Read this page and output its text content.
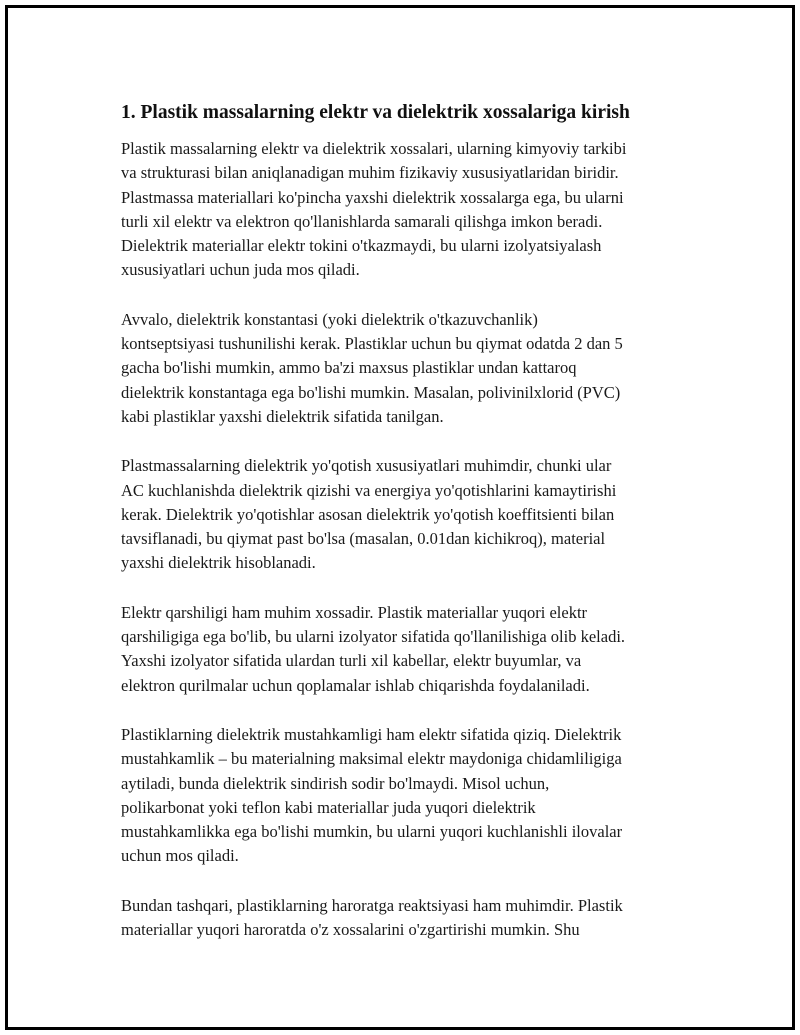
1. Plastik massalarning elektr va dielektrik xossalariga kirish

Plastik massalarning elektr va dielektrik xossalari, ularning kimyoviy tarkibi
va strukturasi bilan aniqlanadigan muhim fizikaviy xususiyatlaridan biridir.
Plastmassa materiallari ko'pincha yaxshi dielektrik xossalarga ega, bu ularni
turli xil elektr va elektron qo'llanishlarda samarali qilishga imkon beradi.
Dielektrik materiallar elektr tokini o'tkazmaydi, bu ularni izolyatsiyalash
xususiyatlari uchun juda mos qiladi.

Avvalo, dielektrik konstantasi (yoki dielektrik o'tkazuvchanlik)
kontseptsiyasi tushunilishi kerak. Plastiklar uchun bu qiymat odatda 2 dan 5
gacha bo'lishi mumkin, ammo ba'zi maxsus plastiklar undan kattaroq
dielektrik konstantaga ega bo'lishi mumkin. Masalan, polivinilxlorid (PVC)
kabi plastiklar yaxshi dielektrik sifatida tanilgan.

Plastmassalarning dielektrik yo'qotish xususiyatlari muhimdir, chunki ular
AC kuchlanishda dielektrik qizishi va energiya yo'qotishlarini kamaytirishi
kerak. Dielektrik yo'qotishlar asosan dielektrik yo'qotish koeffitsienti bilan
tavsiflanadi, bu qiymat past bo'lsa (masalan, 0.01dan kichikroq), material
yaxshi dielektrik hisoblanadi.

Elektr qarshiligi ham muhim xossadir. Plastik materiallar yuqori elektr
qarshiligiga ega bo'lib, bu ularni izolyator sifatida qo'llanilishiga olib keladi.
Yaxshi izolyator sifatida ulardan turli xil kabellar, elektr buyumlar, va
elektron qurilmalar uchun qoplamalar ishlab chiqarishda foydalaniladi.

Plastiklarning dielektrik mustahkamligi ham elektr sifatida qiziq. Dielektrik
mustahkamlik – bu materialning maksimal elektr maydoniga chidamliligiga
aytiladi, bunda dielektrik sindirish sodir bo'lmaydi. Misol uchun,
polikarbonat yoki teflon kabi materiallar juda yuqori dielektrik
mustahkamlikka ega bo'lishi mumkin, bu ularni yuqori kuchlanishli ilovalar
uchun mos qiladi.

Bundan tashqari, plastiklarning haroratga reaktsiyasi ham muhimdir. Plastik
materiallar yuqori haroratda o'z xossalarini o'zgartirishi mumkin. Shu
